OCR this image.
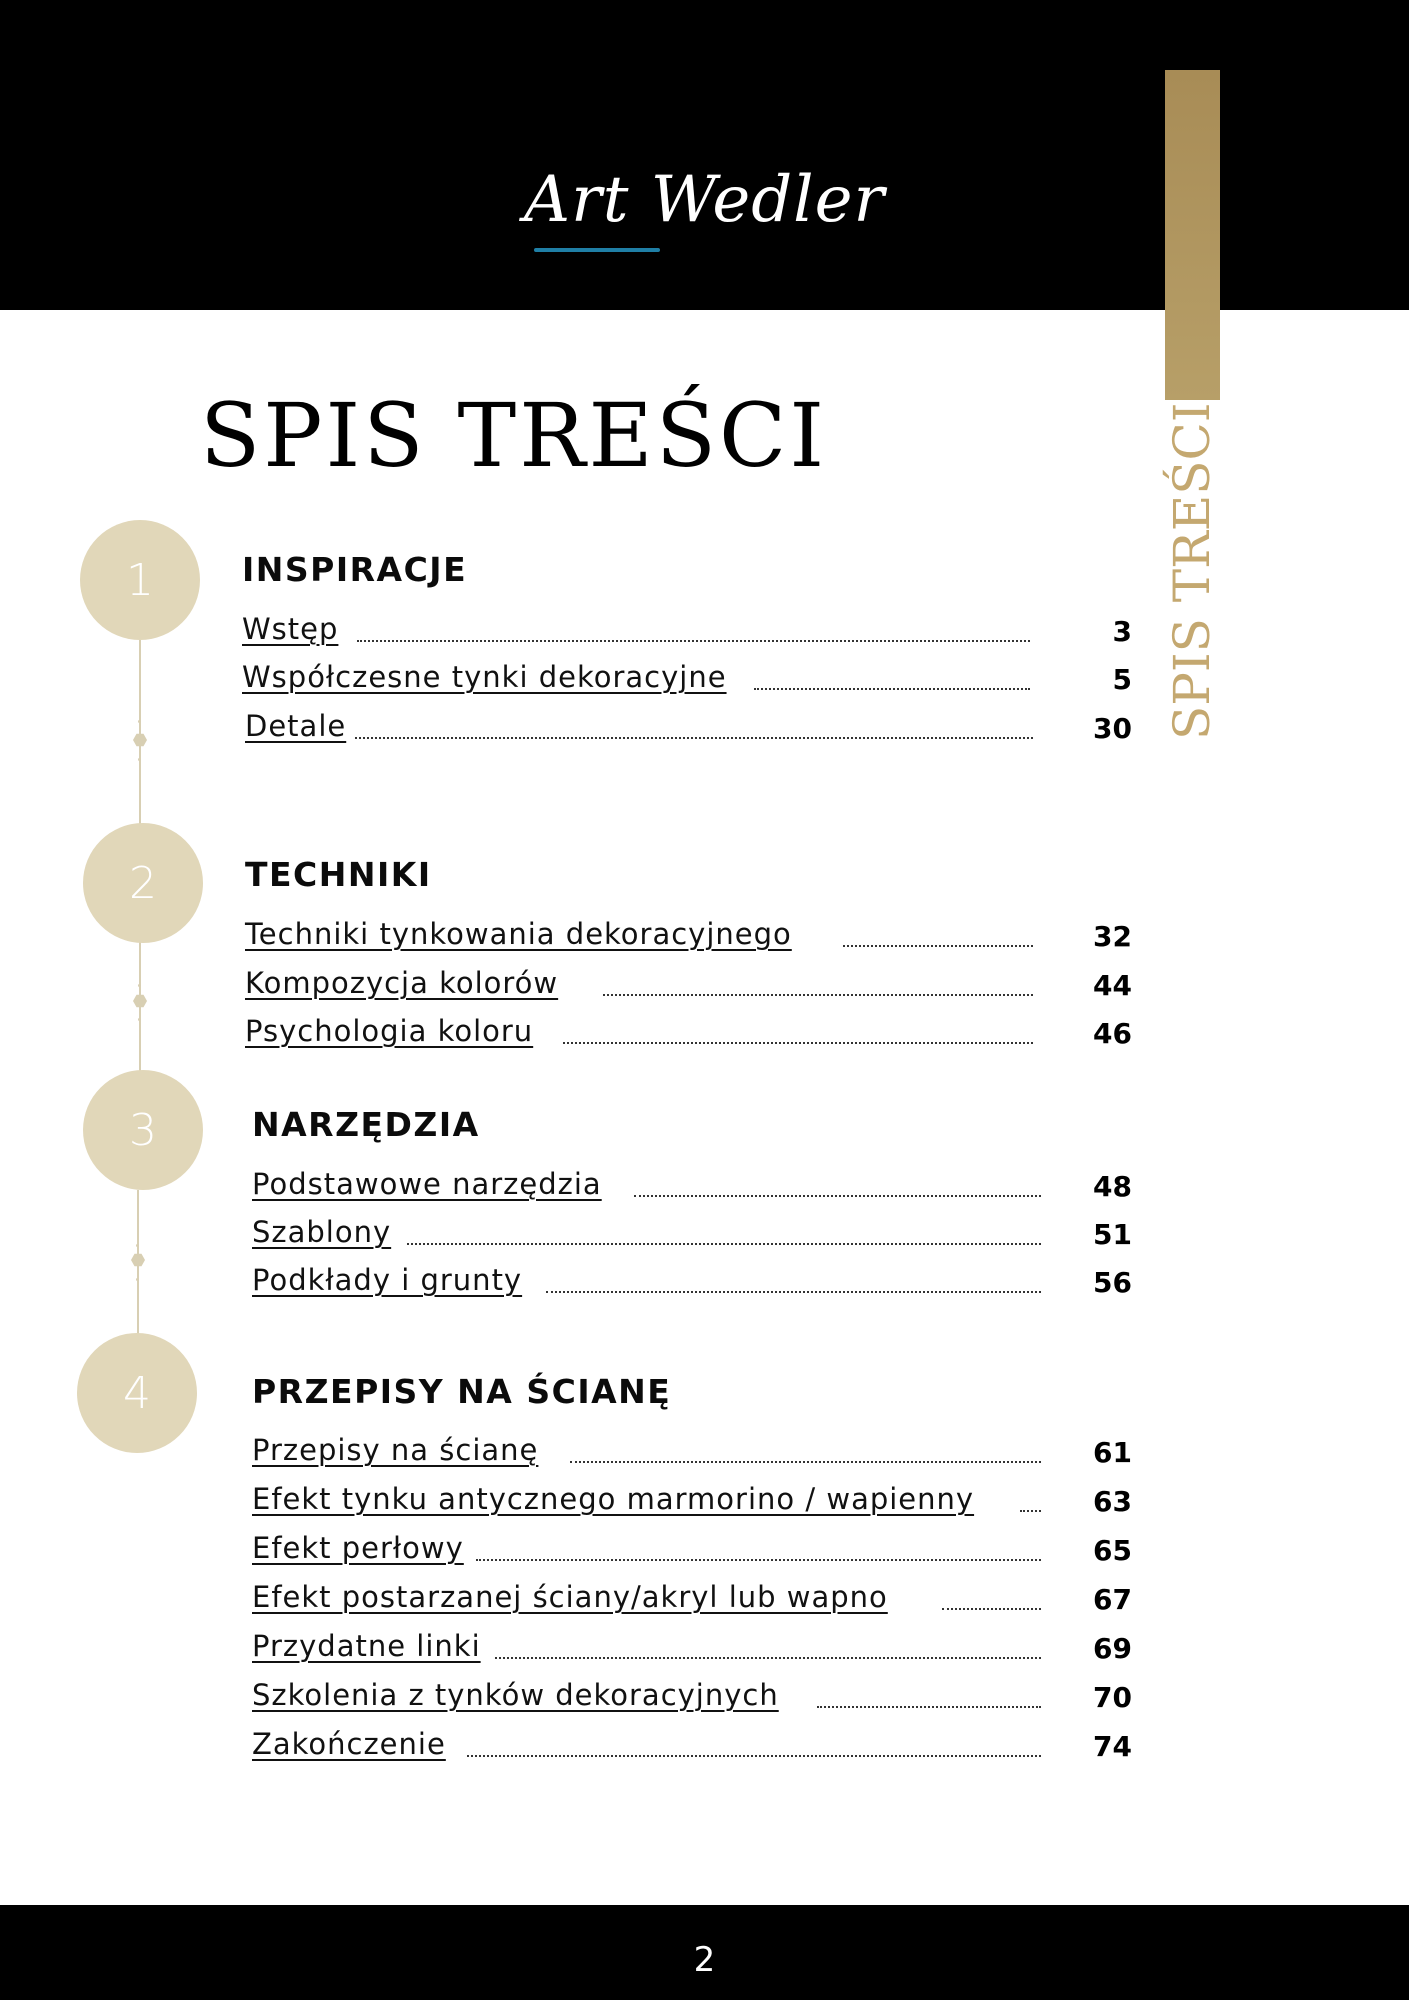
Art Wedler
SPIS TREŚCI
SPIS TREŚCI
1
2
3
4
INSPIRACJE
TECHNIKI
NARZĘDZIA
PRZEPISY NA ŚCIANĘ
Wstęp	3
Współczesne tynki dekoracyjne	5
Detale	30
Techniki tynkowania dekoracyjnego	32
Kompozycja kolorów	44
Psychologia koloru	46
Podstawowe narzędzia	48
Szablony	51
Podkłady i grunty	56
Przepisy na ścianę	61
Efekt tynku antycznego marmorino / wapienny	63
Efekt perłowy	65
Efekt postarzanej ściany/akryl lub wapno	67
Przydatne linki	69
Szkolenia z tynków dekoracyjnych	70
Zakończenie	74
2
